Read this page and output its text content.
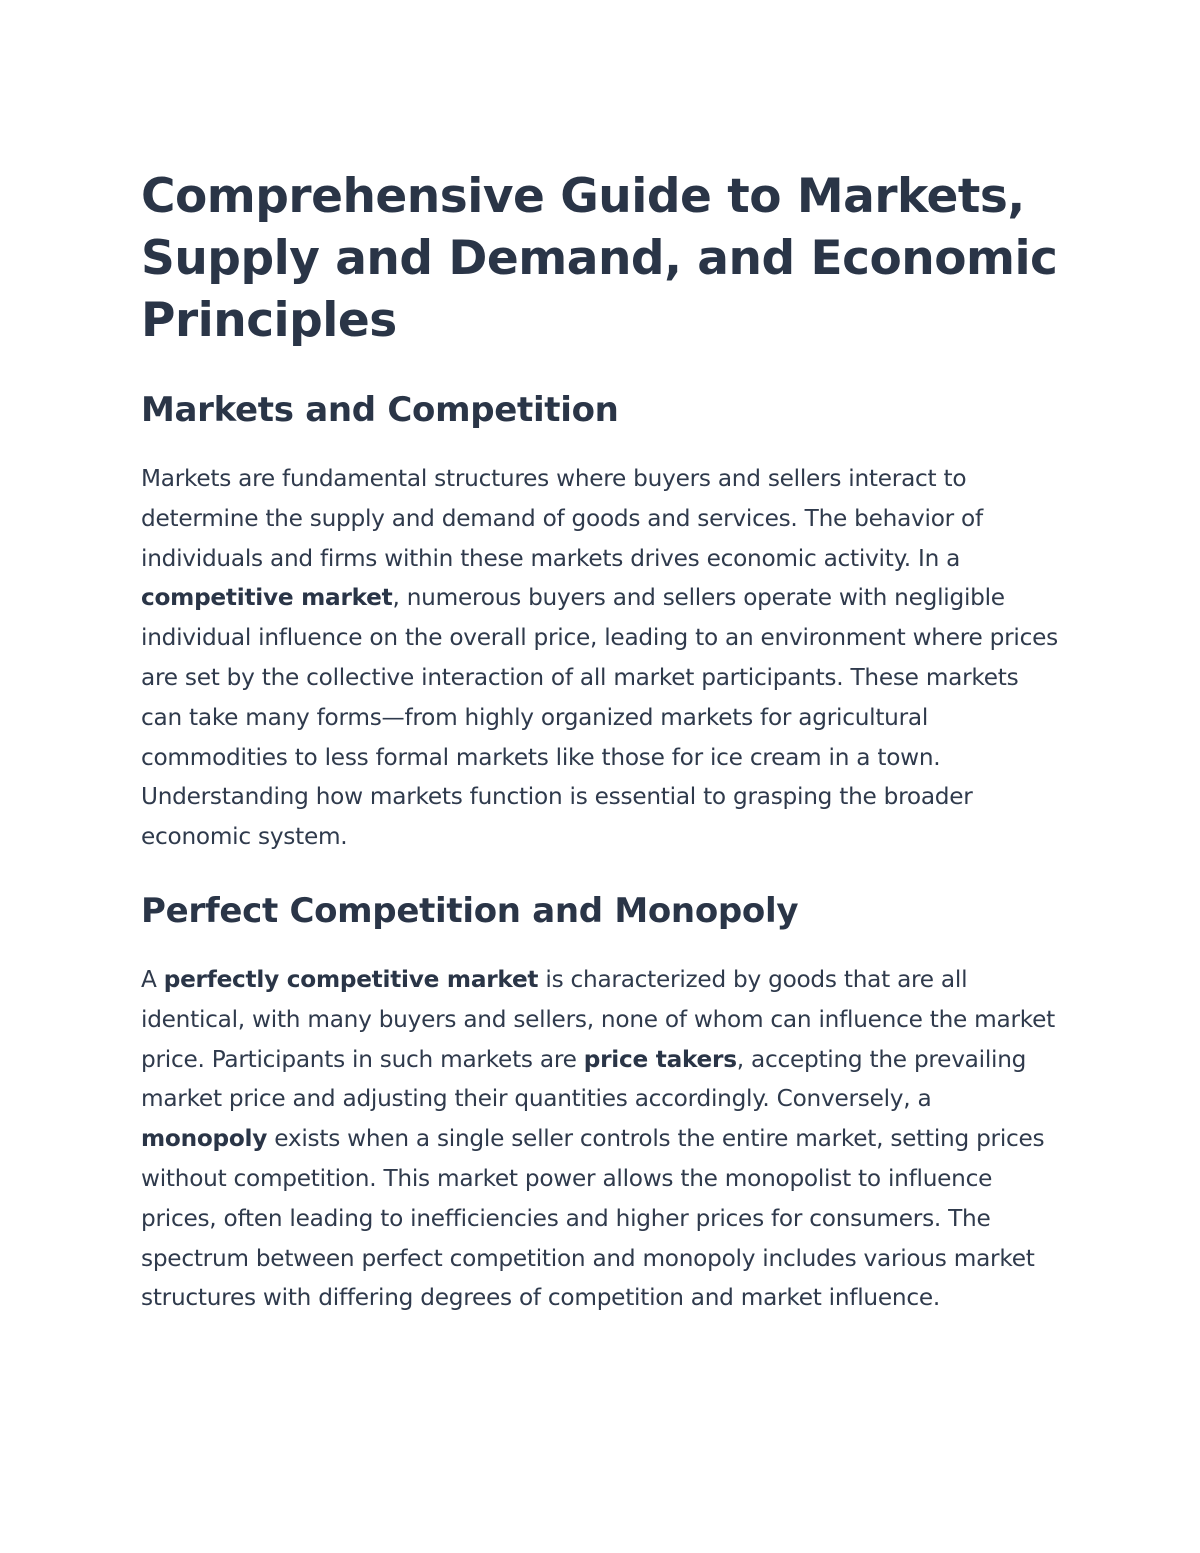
Comprehensive Guide to Markets, Supply and Demand, and Economic Principles
Markets and Competition

Markets are fundamental structures where buyers and sellers interact to determine the supply and demand of goods and services. The behavior of individuals and firms within these markets drives economic activity. In a competitive market, numerous buyers and sellers operate with negligible individual influence on the overall price, leading to an environment where prices are set by the collective interaction of all market participants. These markets can take many forms—from highly organized markets for agricultural commodities to less formal markets like those for ice cream in a town. Understanding how markets function is essential to grasping the broader economic system.

Perfect Competition and Monopoly

A perfectly competitive market is characterized by goods that are all identical, with many buyers and sellers, none of whom can influence the market price. Participants in such markets are price takers, accepting the prevailing market price and adjusting their quantities accordingly. Conversely, a monopoly exists when a single seller controls the entire market, setting prices without competition. This market power allows the monopolist to influence prices, often leading to inefficiencies and higher prices for consumers. The spectrum between perfect competition and monopoly includes various market structures with differing degrees of competition and market influence.
